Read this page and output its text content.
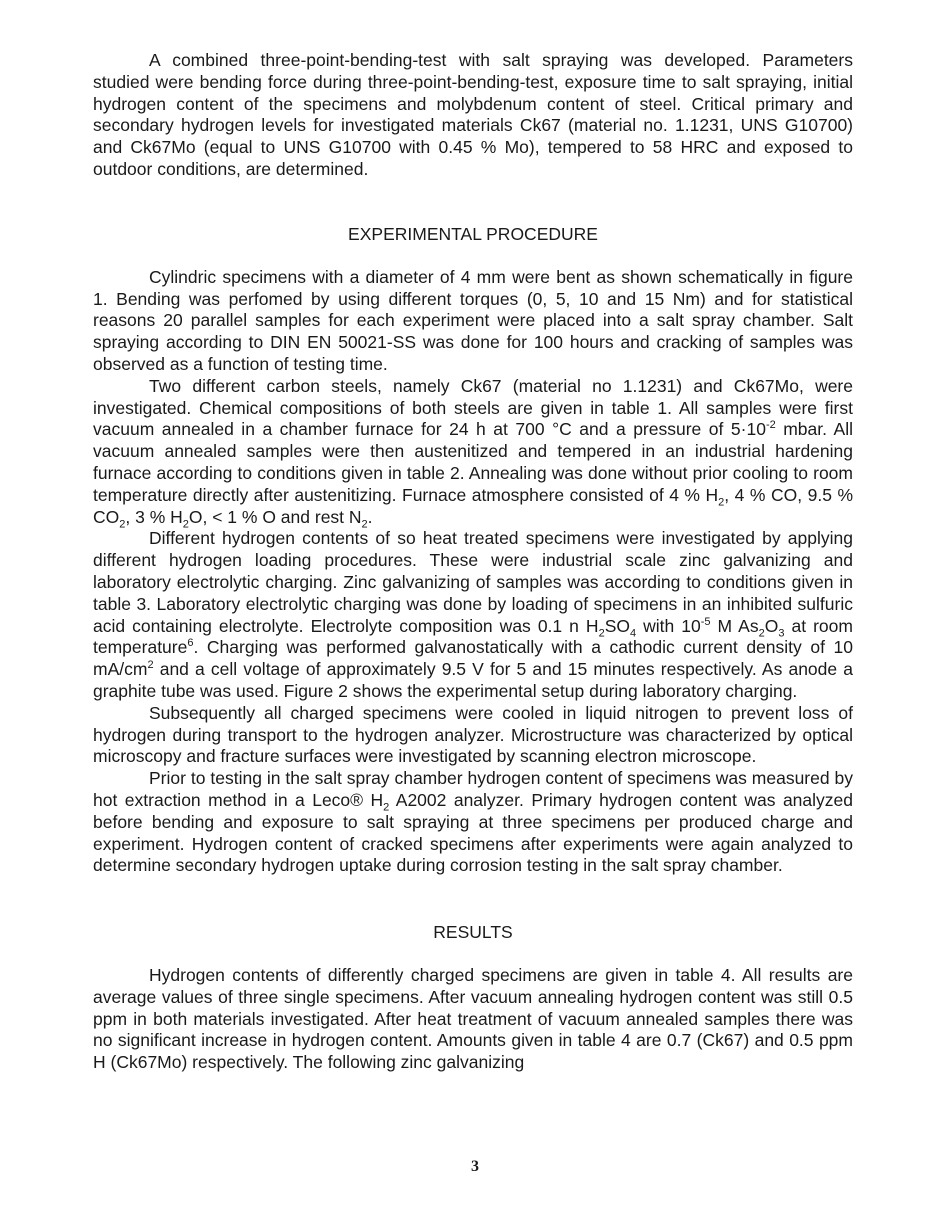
A combined three-point-bending-test with salt spraying was developed. Parameters studied were bending force during three-point-bending-test, exposure time to salt spraying, initial hydrogen content of the specimens and molybdenum content of steel. Critical primary and secondary hydrogen levels for investigated materials Ck67 (material no. 1.1231, UNS G10700) and Ck67Mo (equal to UNS G10700 with 0.45 % Mo), tempered to 58 HRC and exposed to outdoor conditions, are determined.

EXPERIMENTAL PROCEDURE

Cylindric specimens with a diameter of 4 mm were bent as shown schematically in figure 1. Bending was perfomed by using different torques (0, 5, 10 and 15 Nm) and for statistical reasons 20 parallel samples for each experiment were placed into a salt spray chamber. Salt spraying according to DIN EN 50021-SS was done for 100 hours and cracking of samples was observed as a function of testing time.

Two different carbon steels, namely Ck67 (material no 1.1231) and Ck67Mo, were investigated. Chemical compositions of both steels are given in table 1. All samples were first vacuum annealed in a chamber furnace for 24 h at 700 °C and a pressure of $5\cdot 10^{-2}$ mbar. All vacuum annealed samples were then austenitized and tempered in an industrial hardening furnace according to conditions given in table 2. Annealing was done without prior cooling to room temperature directly after austenitizing. Furnace atmosphere consisted of 4 % $H_2$, 4 % CO, 9.5 % $CO_2$, 3 % $H_2O$, < 1 % O and rest $N_2$.

Different hydrogen contents of so heat treated specimens were investigated by applying different hydrogen loading procedures. These were industrial scale zinc galvanizing and laboratory electrolytic charging. Zinc galvanizing of samples was according to conditions given in table 3. Laboratory electrolytic charging was done by loading of specimens in an inhibited sulfuric acid containing electrolyte. Electrolyte composition was 0.1 n $H_2SO_4$ with $10^{-5}$ M $As_2O_3$ at room temperature$^6$. Charging was performed galvanostatically with a cathodic current density of 10 $mA/cm^2$ and a cell voltage of approximately 9.5 V for 5 and 15 minutes respectively. As anode a graphite tube was used. Figure 2 shows the experimental setup during laboratory charging.

Subsequently all charged specimens were cooled in liquid nitrogen to prevent loss of hydrogen during transport to the hydrogen analyzer. Microstructure was characterized by optical microscopy and fracture surfaces were investigated by scanning electron microscope.

Prior to testing in the salt spray chamber hydrogen content of specimens was measured by hot extraction method in a Leco® $H_2$ A2002 analyzer. Primary hydrogen content was analyzed before bending and exposure to salt spraying at three specimens per produced charge and experiment. Hydrogen content of cracked specimens after experiments were again analyzed to determine secondary hydrogen uptake during corrosion testing in the salt spray chamber.

RESULTS

Hydrogen contents of differently charged specimens are given in table 4. All results are average values of three single specimens. After vacuum annealing hydrogen content was still 0.5 ppm in both materials investigated. After heat treatment of vacuum annealed samples there was no significant increase in hydrogen content. Amounts given in table 4 are 0.7 (Ck67) and 0.5 ppm H (Ck67Mo) respectively. The following zinc galvanizing

3
